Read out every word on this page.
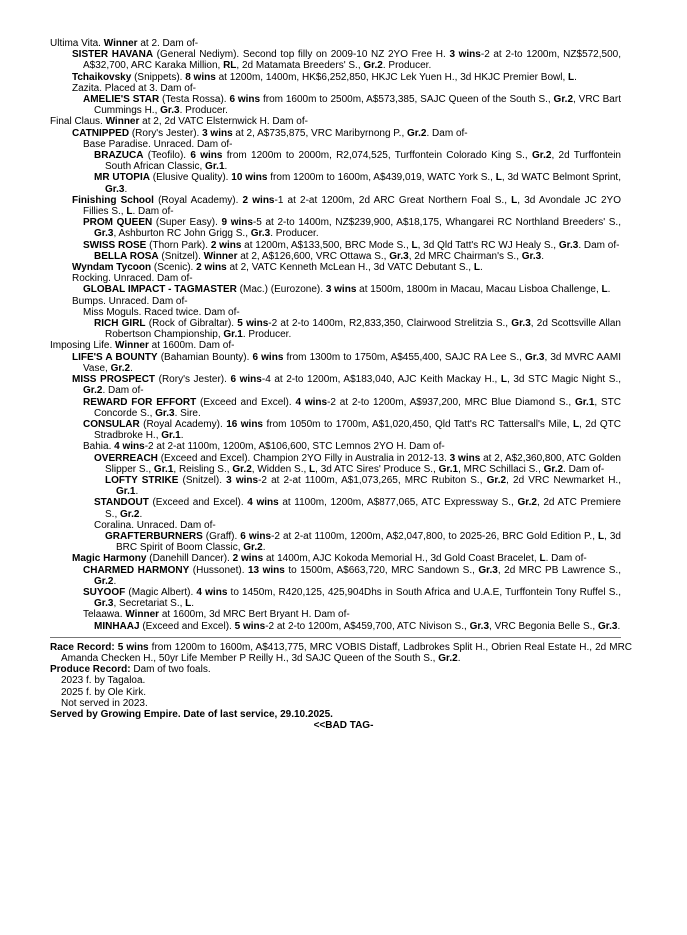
Ultima Vita. Winner at 2. Dam of-
SISTER HAVANA (General Nediym). Second top filly on 2009-10 NZ 2YO Free H. 3 wins-2 at 2-to 1200m, NZ$572,500, A$32,700, ARC Karaka Million, RL, 2d Matamata Breeders' S., Gr.2. Producer.
Tchaikovsky (Snippets). 8 wins at 1200m, 1400m, HK$6,252,850, HKJC Lek Yuen H., 3d HKJC Premier Bowl, L.
Zazita. Placed at 3. Dam of-
AMELIE'S STAR (Testa Rossa). 6 wins from 1600m to 2500m, A$573,385, SAJC Queen of the South S., Gr.2, VRC Bart Cummings H., Gr.3. Producer.
Final Claus. Winner at 2, 2d VATC Elsternwick H. Dam of-
CATNIPPED (Rory's Jester). 3 wins at 2, A$735,875, VRC Maribyrnong P., Gr.2. Dam of-
Base Paradise. Unraced. Dam of-
BRAZUCA (Teofilo). 6 wins from 1200m to 2000m, R2,074,525, Turffontein Colorado King S., Gr.2, 2d Turffontein South African Classic, Gr.1.
MR UTOPIA (Elusive Quality). 10 wins from 1200m to 1600m, A$439,019, WATC York S., L, 3d WATC Belmont Sprint, Gr.3.
Finishing School (Royal Academy). 2 wins-1 at 2-at 1200m, 2d ARC Great Northern Foal S., L, 3d Avondale JC 2YO Fillies S., L. Dam of-
PROM QUEEN (Super Easy). 9 wins-5 at 2-to 1400m, NZ$239,900, A$18,175, Whangarei RC Northland Breeders' S., Gr.3, Ashburton RC John Grigg S., Gr.3. Producer.
SWISS ROSE (Thorn Park). 2 wins at 1200m, A$133,500, BRC Mode S., L, 3d Qld Tatt's RC WJ Healy S., Gr.3. Dam of-
BELLA ROSA (Snitzel). Winner at 2, A$126,600, VRC Ottawa S., Gr.3, 2d MRC Chairman's S., Gr.3.
Wyndam Tycoon (Scenic). 2 wins at 2, VATC Kenneth McLean H., 3d VATC Debutant S., L.
Rocking. Unraced. Dam of-
GLOBAL IMPACT - TAGMASTER (Mac.) (Eurozone). 3 wins at 1500m, 1800m in Macau, Macau Lisboa Challenge, L.
Bumps. Unraced. Dam of-
Miss Moguls. Raced twice. Dam of-
RICH GIRL (Rock of Gibraltar). 5 wins-2 at 2-to 1400m, R2,833,350, Clairwood Strelitzia S., Gr.3, 2d Scottsville Allan Robertson Championship, Gr.1. Producer.
Imposing Life. Winner at 1600m. Dam of-
LIFE'S A BOUNTY (Bahamian Bounty). 6 wins from 1300m to 1750m, A$455,400, SAJC RA Lee S., Gr.3, 3d MVRC AAMI Vase, Gr.2.
MISS PROSPECT (Rory's Jester). 6 wins-4 at 2-to 1200m, A$183,040, AJC Keith Mackay H., L, 3d STC Magic Night S., Gr.2. Dam of-
REWARD FOR EFFORT (Exceed and Excel). 4 wins-2 at 2-to 1200m, A$937,200, MRC Blue Diamond S., Gr.1, STC Concorde S., Gr.3. Sire.
CONSULAR (Royal Academy). 16 wins from 1050m to 1700m, A$1,020,450, Qld Tatt's RC Tattersall's Mile, L, 2d QTC Stradbroke H., Gr.1.
Bahia. 4 wins-2 at 2-at 1100m, 1200m, A$106,600, STC Lemnos 2YO H. Dam of-
OVERREACH (Exceed and Excel). Champion 2YO Filly in Australia in 2012-13. 3 wins at 2, A$2,360,800, ATC Golden Slipper S., Gr.1, Reisling S., Gr.2, Widden S., L, 3d ATC Sires' Produce S., Gr.1, MRC Schillaci S., Gr.2. Dam of-
LOFTY STRIKE (Snitzel). 3 wins-2 at 2-at 1100m, A$1,073,265, MRC Rubiton S., Gr.2, 2d VRC Newmarket H., Gr.1.
STANDOUT (Exceed and Excel). 4 wins at 1100m, 1200m, A$877,065, ATC Expressway S., Gr.2, 2d ATC Premiere S., Gr.2.
Coralina. Unraced. Dam of-
GRAFTERBURNERS (Graff). 6 wins-2 at 2-at 1100m, 1200m, A$2,047,800, to 2025-26, BRC Gold Edition P., L, 3d BRC Spirit of Boom Classic, Gr.2.
Magic Harmony (Danehill Dancer). 2 wins at 1400m, AJC Kokoda Memorial H., 3d Gold Coast Bracelet, L. Dam of-
CHARMED HARMONY (Hussonet). 13 wins to 1500m, A$663,720, MRC Sandown S., Gr.3, 2d MRC PB Lawrence S., Gr.2.
SUYOOF (Magic Albert). 4 wins to 1450m, R420,125, 425,904Dhs in South Africa and U.A.E, Turffontein Tony Ruffel S., Gr.3, Secretariat S., L.
Telaawa. Winner at 1600m, 3d MRC Bert Bryant H. Dam of-
MINHAAJ (Exceed and Excel). 5 wins-2 at 2-to 1200m, A$459,700, ATC Nivison S., Gr.3, VRC Begonia Belle S., Gr.3.
Race Record: 5 wins from 1200m to 1600m, A$413,775, MRC VOBIS Distaff, Ladbrokes Split H., Obrien Real Estate H., 2d MRC Amanda Checken H., 50yr Life Member P Reilly H., 3d SAJC Queen of the South S., Gr.2.
Produce Record: Dam of two foals.
2023 f. by Tagaloa.
2025 f. by Ole Kirk.
Not served in 2023.
Served by Growing Empire. Date of last service, 29.10.2025.
<<BAD TAG-
